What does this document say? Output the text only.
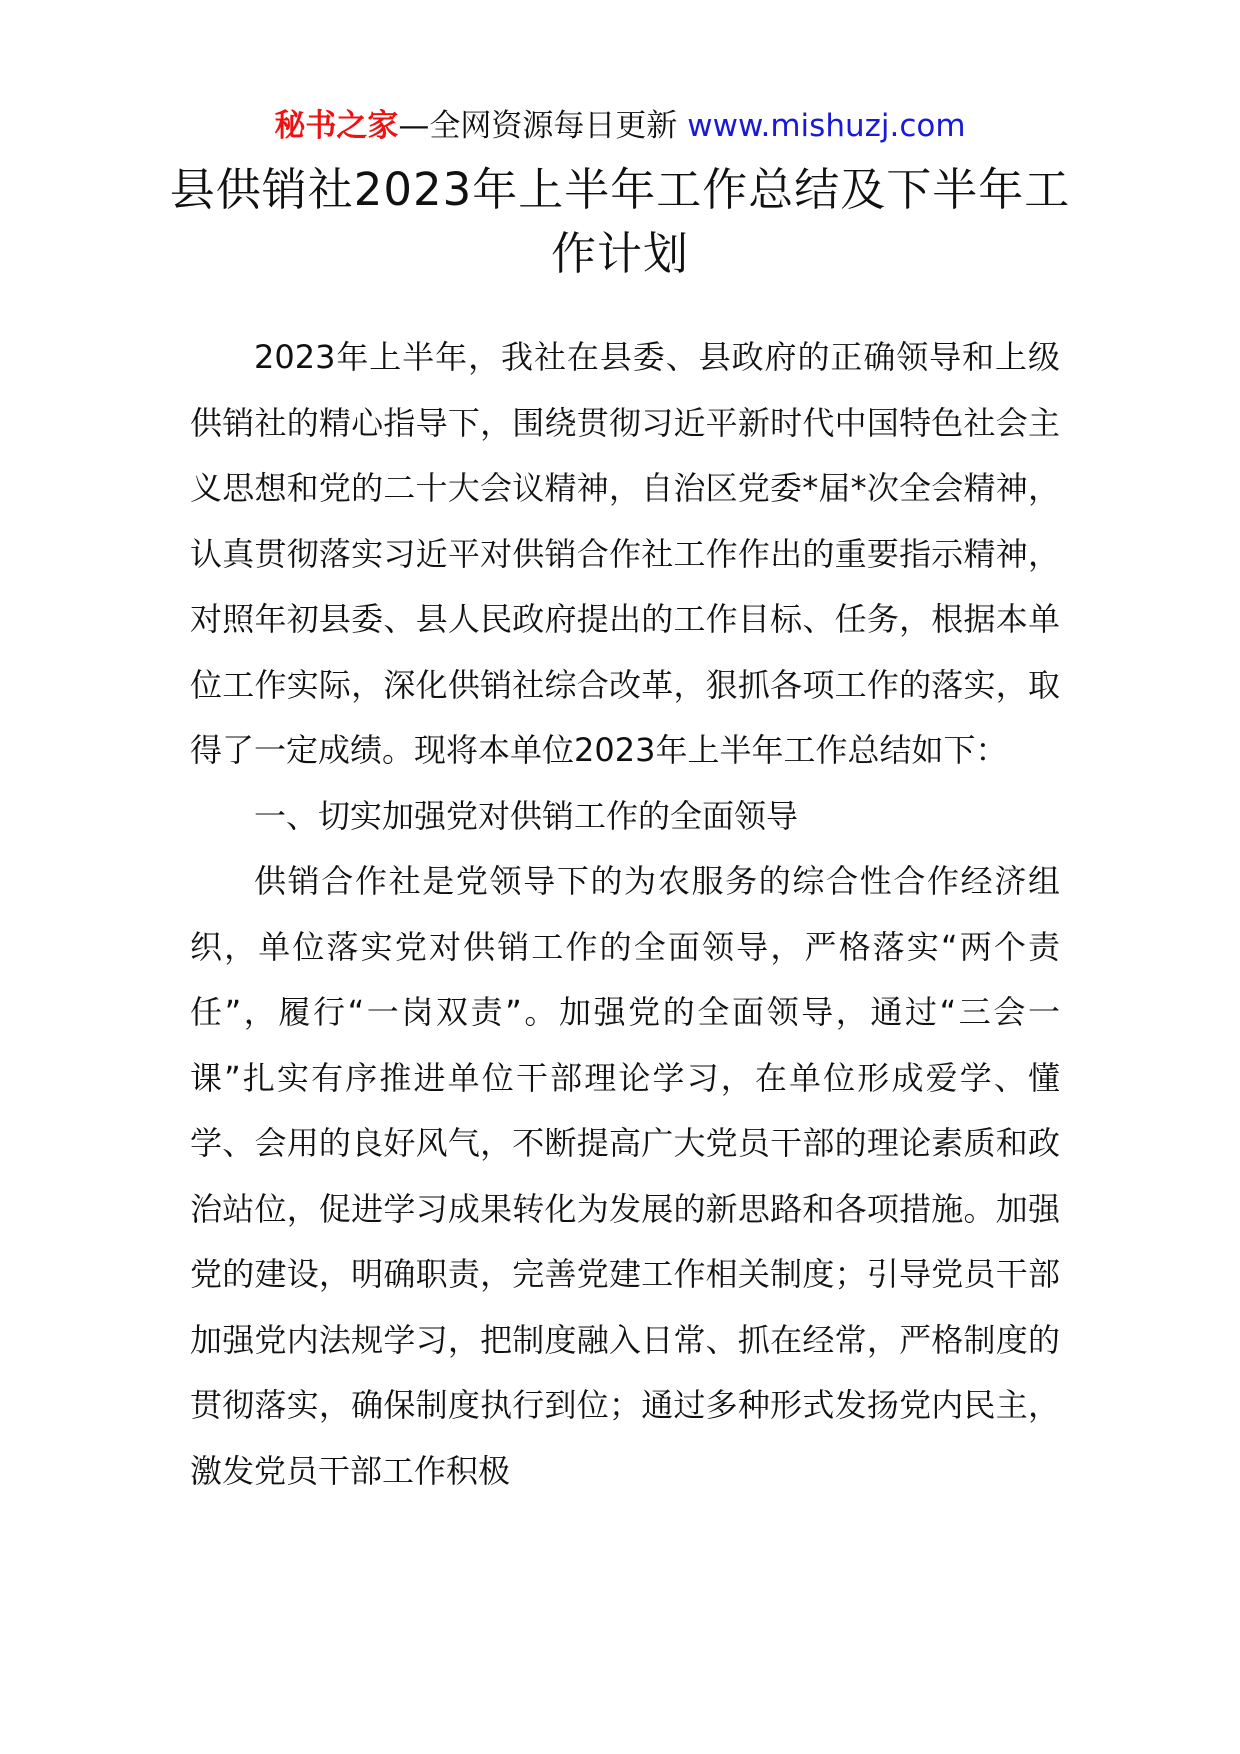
秘书之家—全网资源每日更新 www.mishuzj.com
县供销社2023年上半年工作总结及下半年工作计划

2023年上半年，我社在县委、县政府的正确领导和上级供销社的精心指导下，围绕贯彻习近平新时代中国特色社会主义思想和党的二十大会议精神，自治区党委*届*次全会精神，认真贯彻落实习近平对供销合作社工作作出的重要指示精神，对照年初县委、县人民政府提出的工作目标、任务，根据本单位工作实际，深化供销社综合改革，狠抓各项工作的落实，取得了一定成绩。现将本单位2023年上半年工作总结如下：

一、切实加强党对供销工作的全面领导

供销合作社是党领导下的为农服务的综合性合作经济组织，单位落实党对供销工作的全面领导，严格落实“两个责任”，履行“一岗双责”。加强党的全面领导，通过“三会一课”扎实有序推进单位干部理论学习，在单位形成爱学、懂学、会用的良好风气，不断提高广大党员干部的理论素质和政治站位，促进学习成果转化为发展的新思路和各项措施。加强党的建设，明确职责，完善党建工作相关制度；引导党员干部加强党内法规学习，把制度融入日常、抓在经常，严格制度的贯彻落实，确保制度执行到位；通过多种形式发扬党内民主，激发党员干部工作积极
